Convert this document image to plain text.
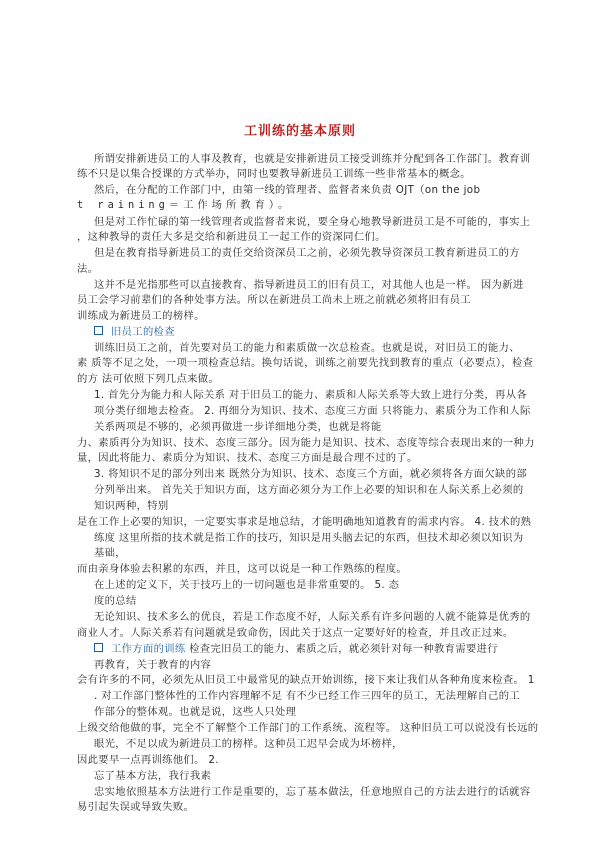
工训练的基本原则
所谓安排新进员工的人事及教育，也就是安排新进员工接受训练并分配到各工作部门。教育训
练不只是以集合授课的方式举办，同时也要教导新进员工训练一些非常基本的概念。
然后，在分配的工作部门中，由第一线的管理者、监督者来负责 OJT（on the job
t raining＝工作场所教育）。
但是对工作忙碌的第一线管理者或监督者来说，要全身心地教导新进员工是不可能的，事实上
，这种教导的责任大多是交给和新进员工一起工作的资深同仁们。
但是在教育指导新进员工的责任交给资深员工之前，必须先教导资深员工教育新进员工的方
法。
这并不是光指那些可以直接教育、指导新进员工的旧有员工，对其他人也是一样。 因为新进
员工会学习前辈们的各种处事方法。所以在新进员工尚未上班之前就必须将旧有员工
训练成为新进员工的榜样。
旧员工的检查
训练旧员工之前，首先要对员工的能力和素质做一次总检查。也就是说，对旧员工的能力、
素 质等不足之处，一项一项检查总结。换句话说，训练之前要先找到教育的重点（必要点），检查
的方 法可依照下列几点来做。
1. 首先分为能力和人际关系 对于旧员工的能力、素质和人际关系等大致上进行分类，再从各
项分类仔细地去检查。 2. 再细分为知识、技术、态度三方面 只将能力、素质分为工作和人际
关系两项是不够的，必须再做进一步详细地分类，也就是将能
力、素质再分为知识、技术、态度三部分。因为能力是知识、技术、态度等综合表现出来的一种力
量，因此将能力、素质分为知识、技术、态度三方面是最合理不过的了。
3. 将知识不足的部分列出来 既然分为知识、技术、态度三个方面，就必须将各方面欠缺的部
分列举出来。 首先关于知识方面，这方面必须分为工作上必要的知识和在人际关系上必须的
知识两种，特别
是在工作上必要的知识，一定要实事求是地总结，才能明确地知道教育的需求内容。 4. 技术的熟
练度 这里所指的技术就是指工作的技巧，知识是用头脑去记的东西，但技术却必须以知识为
基础，
而由亲身体验去积累的东西，并且，这可以说是一种工作熟练的程度。
在上述的定义下，关于技巧上的一切问题也是非常重要的。 5. 态
度的总结
无论知识、技术多么的优良，若是工作态度不好，人际关系有许多问题的人就不能算是优秀的
商业人才。人际关系若有问题就是致命伤，因此关于这点一定要好好的检查，并且改正过来。
工作方面的训练 检查完旧员工的能力、素质之后，就必须针对每一种教育需要进行
再教育，关于教育的内容
会有许多的不同，必须先从旧员工中最常见的缺点开始训练，接下来让我们从各种角度来检查。 1
. 对工作部门整体性的工作内容理解不足 有不少已经工作三四年的员工，无法理解自己的工
作部分的整体观。也就是说，这些人只处理
上级交给他做的事，完全不了解整个工作部门的工作系统、流程等。 这种旧员工可以说没有长远的
眼光，不足以成为新进员工的榜样。这种员工迟早会成为坏榜样，
因此要早一点再训练他们。 2.
忘了基本方法，我行我素
忠实地依照基本方法进行工作是重要的，忘了基本做法，任意地照自己的方法去进行的话就容
易引起失误或导致失败。
